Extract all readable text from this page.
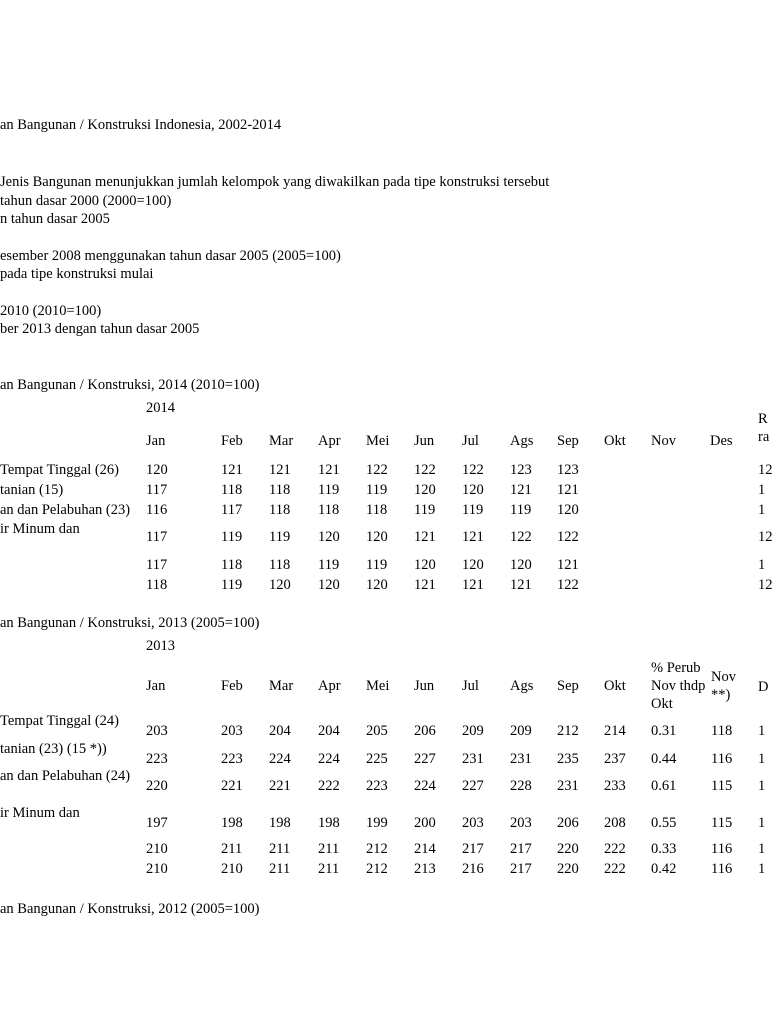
an Bangunan / Konstruksi Indonesia, 2002-2014
Jenis Bangunan menunjukkan jumlah kelompok yang diwakilkan pada tipe konstruksi tersebut
tahun dasar 2000 (2000=100)
n tahun dasar 2005
esember 2008 menggunakan tahun dasar 2005 (2005=100)
pada tipe konstruksi mulai
2010 (2010=100)
ber 2013 dengan tahun dasar 2005
an Bangunan / Konstruksi, 2014 (2010=100)
2014
R
ra
Jan	Feb Mar Apr Mei Jun Jul Ags Sep Okt Nov Des
Tempat Tinggal (26) 120	121 121 121 122 122 122 123 123	12
tanian (15)	117	118 118 119 119 120 120 121 121	1
an dan Pelabuhan (23) 116	117 118 118 118 119 119 119 120	1
ir Minum dan	117	119 119 120 120 121 121 122 122	12
117	118 118 119 119 120 120 120 121	1
118	119 120 120 120 121 121 121 122	12
an Bangunan / Konstruksi, 2013 (2005=100)
2013
% Perub
Nov thdp
Okt
Nov
**) D
Jan	Feb Mar Apr Mei Jun Jul Ags Sep Okt
Tempat Tinggal (24)
203	203 204 204 205 206 209 209 212 214 0.31 118 1
tanian (23) (15 *))
223	223 224 224 225 227 231 231 235 237 0.44 116 1
an dan Pelabuhan (24)
220	221 221 222 223 224 227 228 231 233 0.61 115 1
ir Minum dan
197	198 198 198 199 200 203 203 206 208 0.55 115 1
210	211 211 211 212 214 217 217 220 222 0.33 116 1
210	210 211 211 212 213 216 217 220 222 0.42 116 1
an Bangunan / Konstruksi, 2012 (2005=100)
